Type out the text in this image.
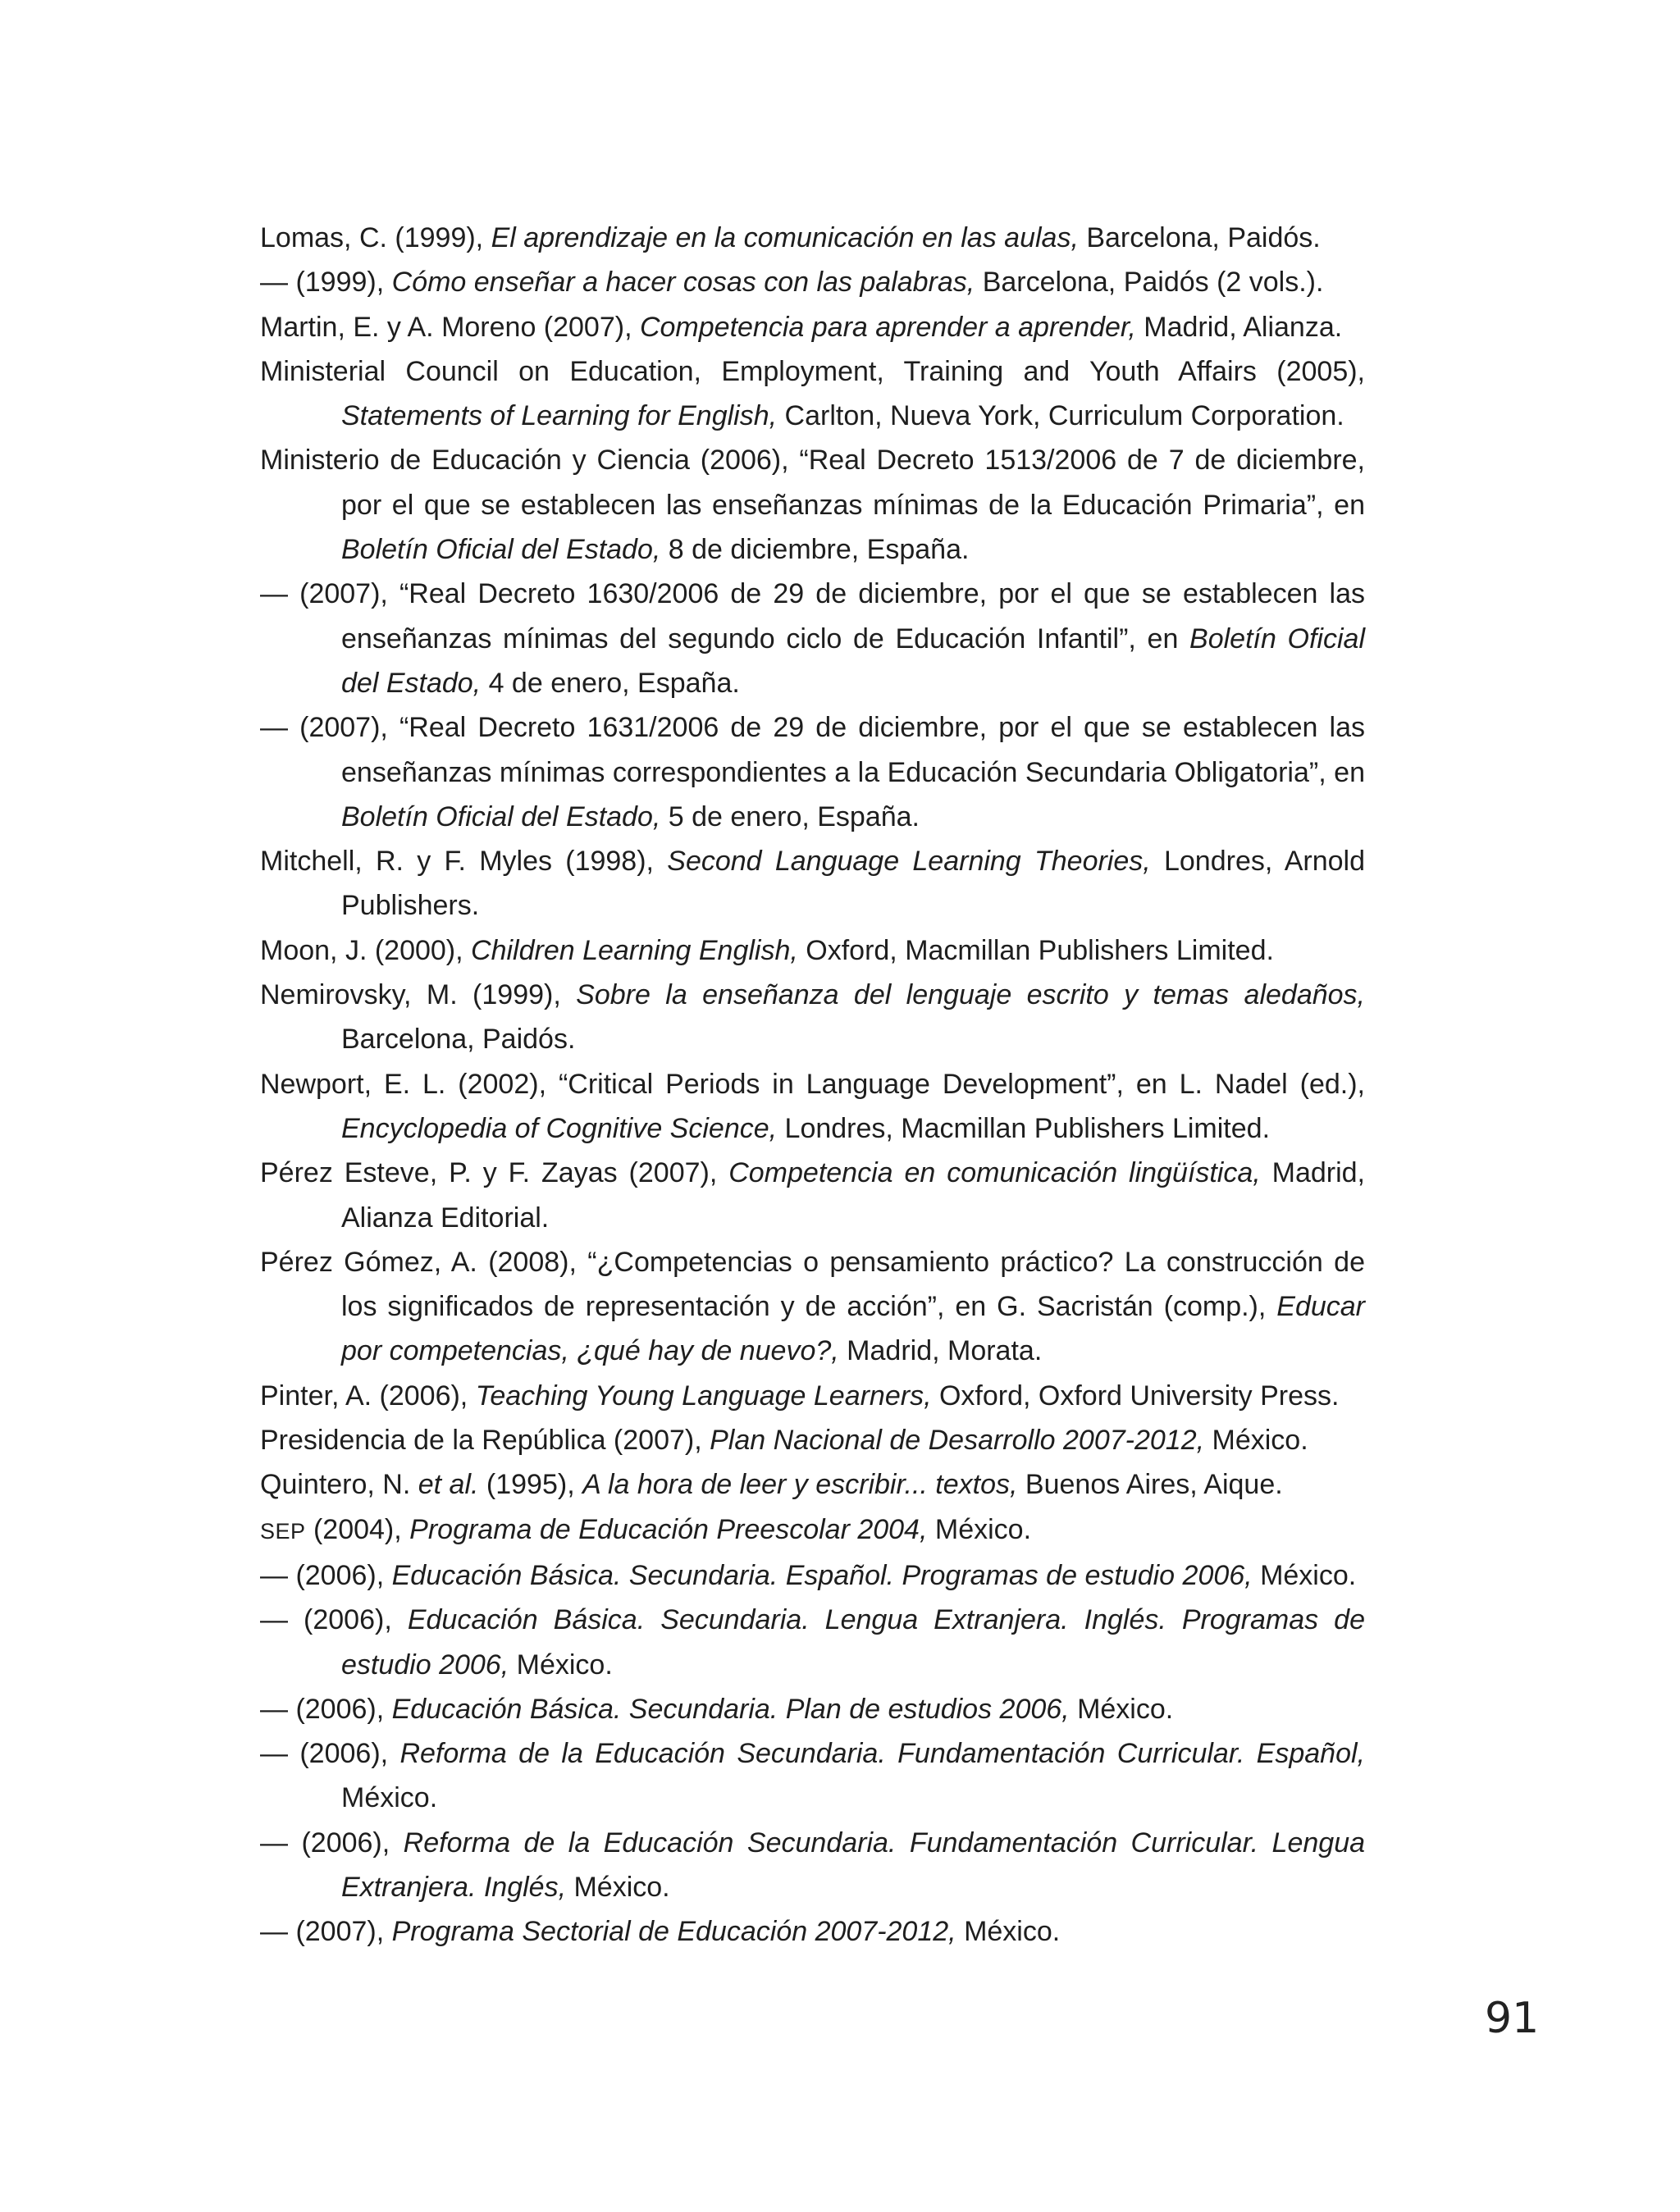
Lomas, C. (1999), El aprendizaje en la comunicación en las aulas, Barcelona, Paidós.

— (1999), Cómo enseñar a hacer cosas con las palabras, Barcelona, Paidós (2 vols.).

Martin, E. y A. Moreno (2007), Competencia para aprender a aprender, Madrid, Alianza.

Ministerial Council on Education, Employment, Training and Youth Affairs (2005), Statements of Learning for English, Carlton, Nueva York, Curriculum Corporation.

Ministerio de Educación y Ciencia (2006), “Real Decreto 1513/2006 de 7 de diciembre, por el que se establecen las enseñanzas mínimas de la Educación Primaria”, en Boletín Oficial del Estado, 8 de diciembre, España.

— (2007), “Real Decreto 1630/2006 de 29 de diciembre, por el que se establecen las enseñanzas mínimas del segundo ciclo de Educación Infantil”, en Boletín Oficial del Estado, 4 de enero, España.

— (2007), “Real Decreto 1631/2006 de 29 de diciembre, por el que se establecen las enseñanzas mínimas correspondientes a la Educación Secundaria Obligatoria”, en Boletín Oficial del Estado, 5 de enero, España.

Mitchell, R. y F. Myles (1998), Second Language Learning Theories, Londres, Arnold Publishers.

Moon, J. (2000), Children Learning English, Oxford, Macmillan Publishers Limited.

Nemirovsky, M. (1999), Sobre la enseñanza del lenguaje escrito y temas aledaños, Barcelona, Paidós.

Newport, E. L. (2002), “Critical Periods in Language Development”, en L. Nadel (ed.), Encyclopedia of Cognitive Science, Londres, Macmillan Publishers Limited.

Pérez Esteve, P. y F. Zayas (2007), Competencia en comunicación lingüística, Madrid, Alianza Editorial.

Pérez Gómez, A. (2008), “¿Competencias o pensamiento práctico? La construcción de los significados de representación y de acción”, en G. Sacristán (comp.), Educar por competencias, ¿qué hay de nuevo?, Madrid, Morata.

Pinter, A. (2006), Teaching Young Language Learners, Oxford, Oxford University Press.

Presidencia de la República (2007), Plan Nacional de Desarrollo 2007-2012, México.

Quintero, N. et al. (1995), A la hora de leer y escribir... textos, Buenos Aires, Aique.

SEP (2004), Programa de Educación Preescolar 2004, México.

— (2006), Educación Básica. Secundaria. Español. Programas de estudio 2006, México.

— (2006), Educación Básica. Secundaria. Lengua Extranjera. Inglés. Programas de estudio 2006, México.

— (2006), Educación Básica. Secundaria. Plan de estudios 2006, México.

— (2006), Reforma de la Educación Secundaria. Fundamentación Curricular. Español, México.

— (2006), Reforma de la Educación Secundaria. Fundamentación Curricular. Lengua Extranjera. Inglés, México.

— (2007), Programa Sectorial de Educación 2007-2012, México.

91
